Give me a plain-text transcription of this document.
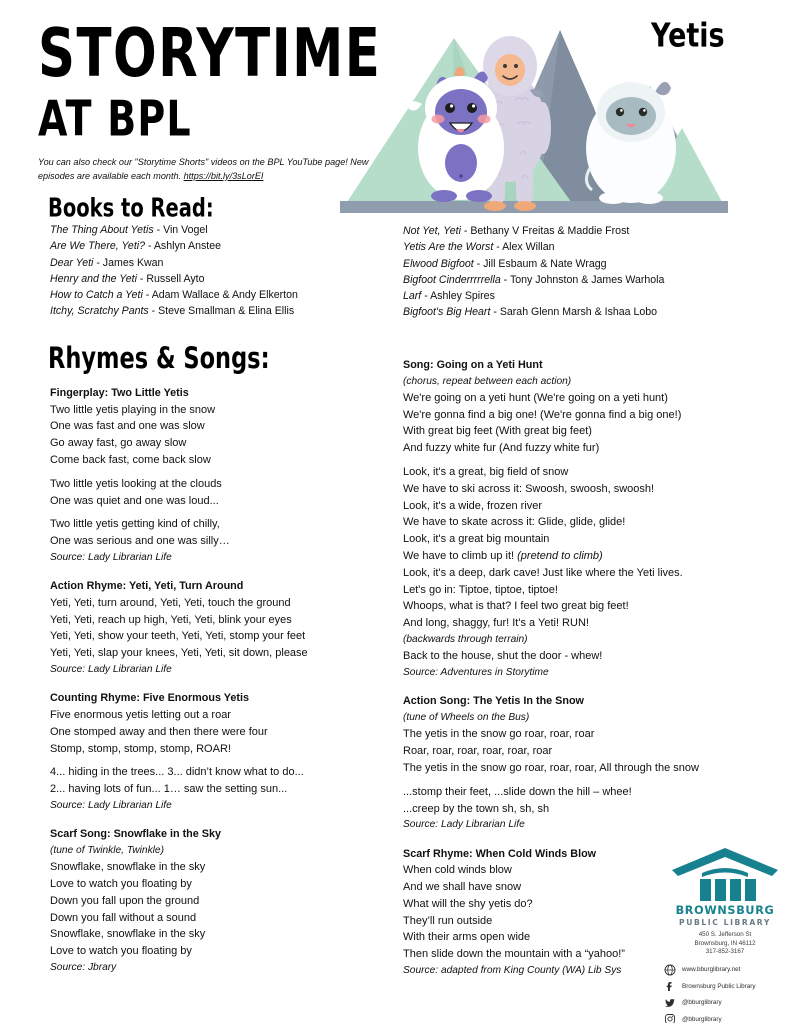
STORYTIME
AT BPL
Yetis
You can also check our "Storytime Shorts" videos on the BPL YouTube page! New episodes are available each month. https://bit.ly/3sLorEI
Books to Read:
The Thing About Yetis - Vin Vogel
Are We There, Yeti? - Ashlyn Anstee
Dear Yeti - James Kwan
Henry and the Yeti - Russell Ayto
How to Catch a Yeti - Adam Wallace & Andy Elkerton
Itchy, Scratchy Pants - Steve Smallman & Elina Ellis
Not Yet, Yeti - Bethany V Freitas & Maddie Frost
Yetis Are the Worst - Alex Willan
Elwood Bigfoot - Jill Esbaum & Nate Wragg
Bigfoot Cinderrrrrella - Tony Johnston & James Warhola
Larf - Ashley Spires
Bigfoot's Big Heart - Sarah Glenn Marsh & Ishaa Lobo
Rhymes & Songs:
Fingerplay: Two Little Yetis
Two little yetis playing in the snow
One was fast and one was slow
Go away fast, go away slow
Come back fast, come back slow
Two little yetis looking at the clouds
One was quiet and one was loud...
Two little yetis getting kind of chilly,
One was serious and one was silly…
Source: Lady Librarian Life
Action Rhyme: Yeti, Yeti, Turn Around
Yeti, Yeti, turn around, Yeti, Yeti, touch the ground
Yeti, Yeti, reach up high, Yeti, Yeti, blink your eyes
Yeti, Yeti, show your teeth, Yeti, Yeti, stomp your feet
Yeti, Yeti, slap your knees, Yeti, Yeti, sit down, please
Source: Lady Librarian Life
Counting Rhyme: Five Enormous Yetis
Five enormous yetis letting out a roar
One stomped away and then there were four
Stomp, stomp, stomp, stomp, ROAR!
4... hiding in the trees... 3... didn’t know what to do...
2... having lots of fun... 1… saw the setting sun...
Source: Lady Librarian Life
Scarf Song: Snowflake in the Sky
(tune of Twinkle, Twinkle)
Snowflake, snowflake in the sky
Love to watch you floating by
Down you fall upon the ground
Down you fall without a sound
Snowflake, snowflake in the sky
Love to watch you floating by
Source: Jbrary
Song: Going on a Yeti Hunt
(chorus, repeat between each action)
We're going on a yeti hunt (We're going on a yeti hunt)
We're gonna find a big one! (We're gonna find a big one!)
With great big feet (With great big feet)
And fuzzy white fur (And fuzzy white fur)
Look, it's a great, big field of snow
We have to ski across it: Swoosh, swoosh, swoosh!
Look, it's a wide, frozen river
We have to skate across it: Glide, glide, glide!
Look, it's a great big mountain
We have to climb up it! (pretend to climb)
Look, it's a deep, dark cave! Just like where the Yeti lives.
Let's go in: Tiptoe, tiptoe, tiptoe!
Whoops, what is that? I feel two great big feet!
And long, shaggy, fur! It's a Yeti! RUN!
(backwards through terrain)
Back to the house, shut the door - whew!
Source: Adventures in Storytime
Action Song: The Yetis In the Snow
(tune of Wheels on the Bus)
The yetis in the snow go roar, roar, roar
Roar, roar, roar, roar, roar, roar
The yetis in the snow go roar, roar, roar, All through the snow
...stomp their feet, ...slide down the hill – whee!
...creep by the town sh, sh, sh
Source: Lady Librarian Life
Scarf Rhyme: When Cold Winds Blow
When cold winds blow
And we shall have snow
What will the shy yetis do?
They’ll run outside
With their arms open wide
Then slide down the mountain with a “yahoo!”
Source: adapted from King County (WA) Lib Sys
BROWNSBURG
PUBLIC LIBRARY
450 S. Jefferson St
Brownsburg, IN 46112
317-852-3167
www.bburglibrary.net
Brownsburg Public Library
@bburglibrary
@bburglibrary
